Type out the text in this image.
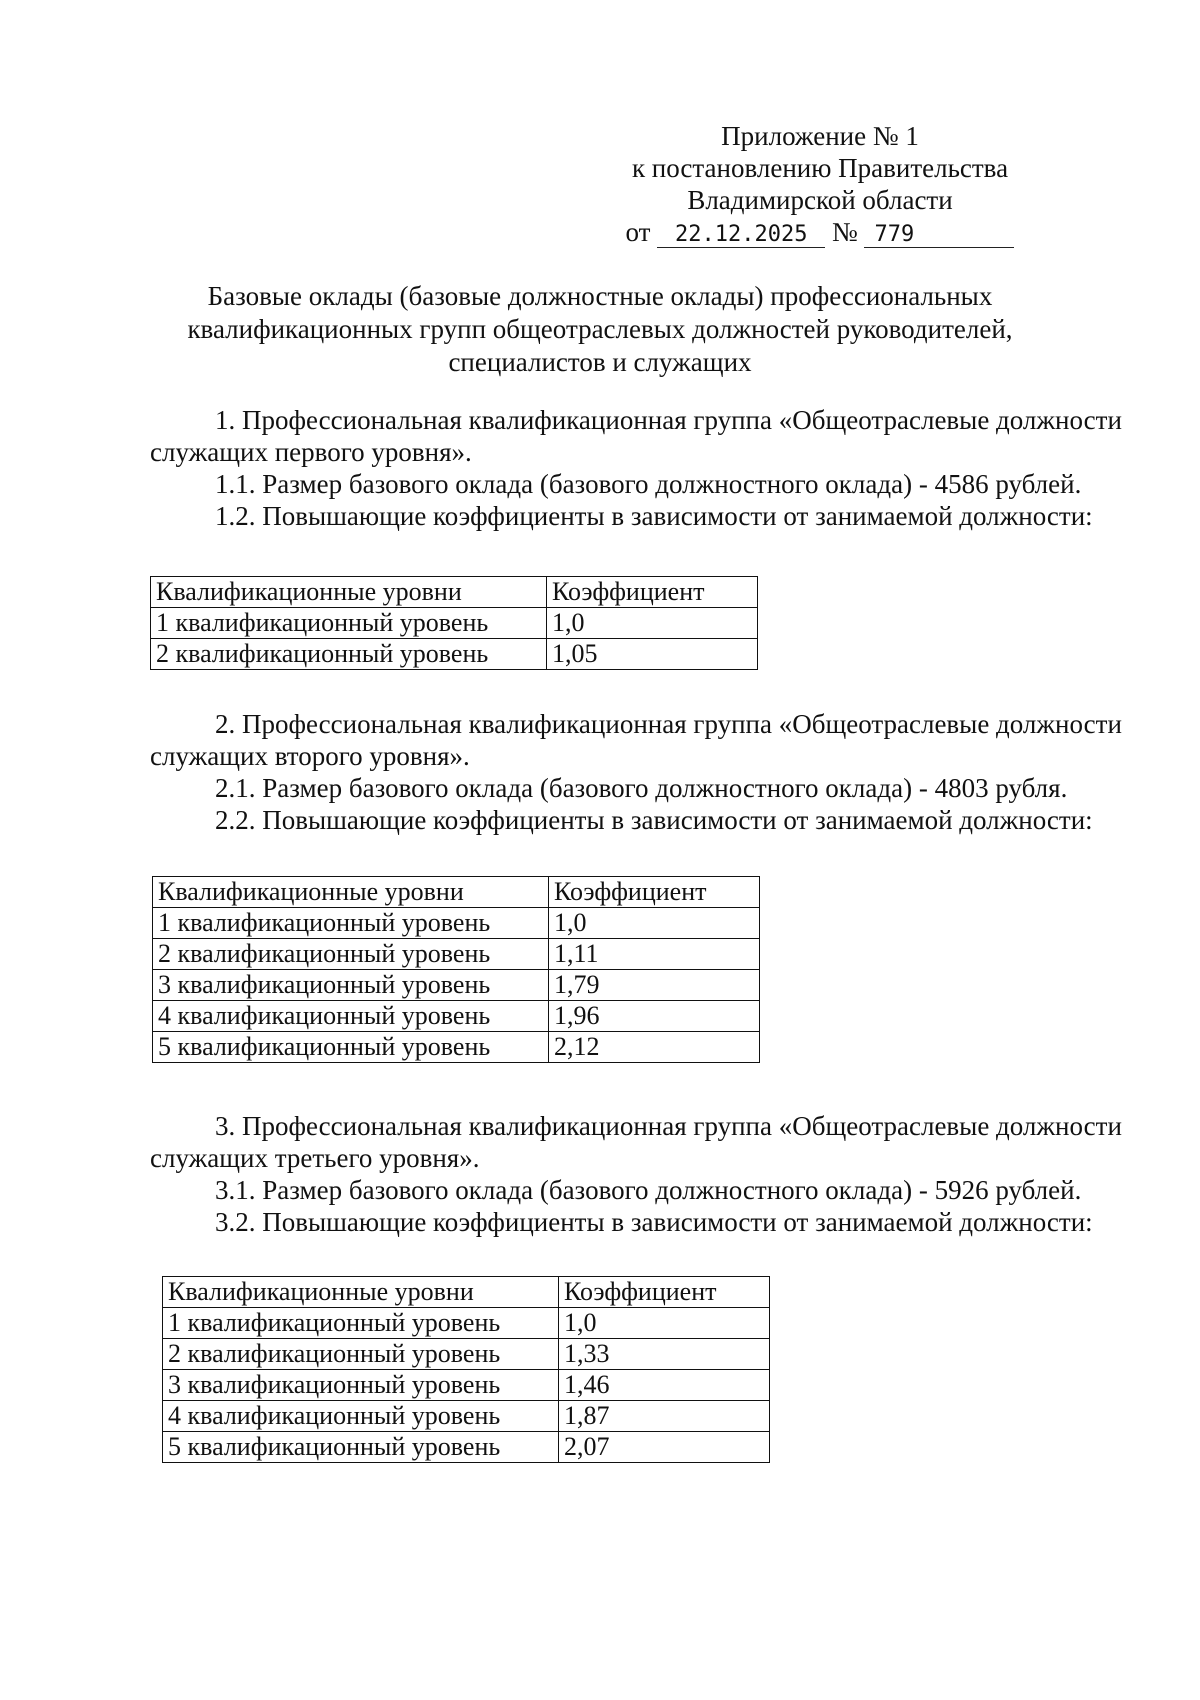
Приложение № 1
к постановлению Правительства
Владимирской области
от 22.12.2025 № 779
Базовые оклады (базовые должностные оклады) профессиональных
квалификационных групп общеотраслевых должностей руководителей,
специалистов и служащих

1. Профессиональная квалификационная группа «Общеотраслевые должности

служащих первого уровня».

1.1. Размер базового оклада (базового должностного оклада) - 4586 рублей.

1.2. Повышающие коэффициенты в зависимости от занимаемой должности:

Квалификационные уровни	Коэффициент
1 квалификационный уровень	1,0
2 квалификационный уровень	1,05

2. Профессиональная квалификационная группа «Общеотраслевые должности

служащих второго уровня».

2.1. Размер базового оклада (базового должностного оклада) - 4803 рубля.

2.2. Повышающие коэффициенты в зависимости от занимаемой должности:

Квалификационные уровни	Коэффициент
1 квалификационный уровень	1,0
2 квалификационный уровень	1,11
3 квалификационный уровень	1,79
4 квалификационный уровень	1,96
5 квалификационный уровень	2,12

3. Профессиональная квалификационная группа «Общеотраслевые должности

служащих третьего уровня».

3.1. Размер базового оклада (базового должностного оклада) - 5926 рублей.

3.2. Повышающие коэффициенты в зависимости от занимаемой должности:

Квалификационные уровни	Коэффициент
1 квалификационный уровень	1,0
2 квалификационный уровень	1,33
3 квалификационный уровень	1,46
4 квалификационный уровень	1,87
5 квалификационный уровень	2,07
